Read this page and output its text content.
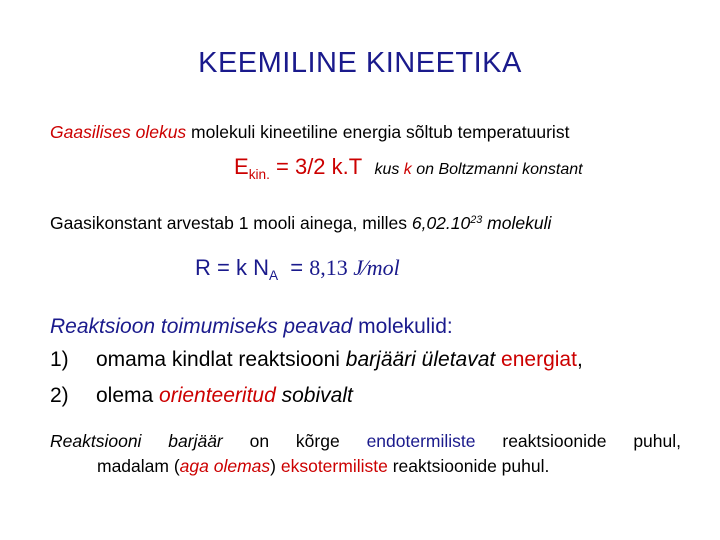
KEEMILINE KINEETIKA
Gaasilises olekus molekuli kineetiline energia sõltub temperatuurist
$E_{kin.} = 3/2$ k.T kus k on Boltzmanni konstant
Gaasikonstant arvestab 1 mooli ainega, milles 6,02.10$^{23}$ molekuli
R = k $N_A = 8,13$ J⁄mol
Reaktsioon toimumiseks peavad molekulid:
1) omama kindlat reaktsiooni barjääri ületavat energiat,
2) olema orienteeritud sobivalt
Reaktsiooni barjäär on kõrge endotermiliste reaktsioonide puhul,
madalam (aga olemas) eksotermiliste reaktsioonide puhul.
